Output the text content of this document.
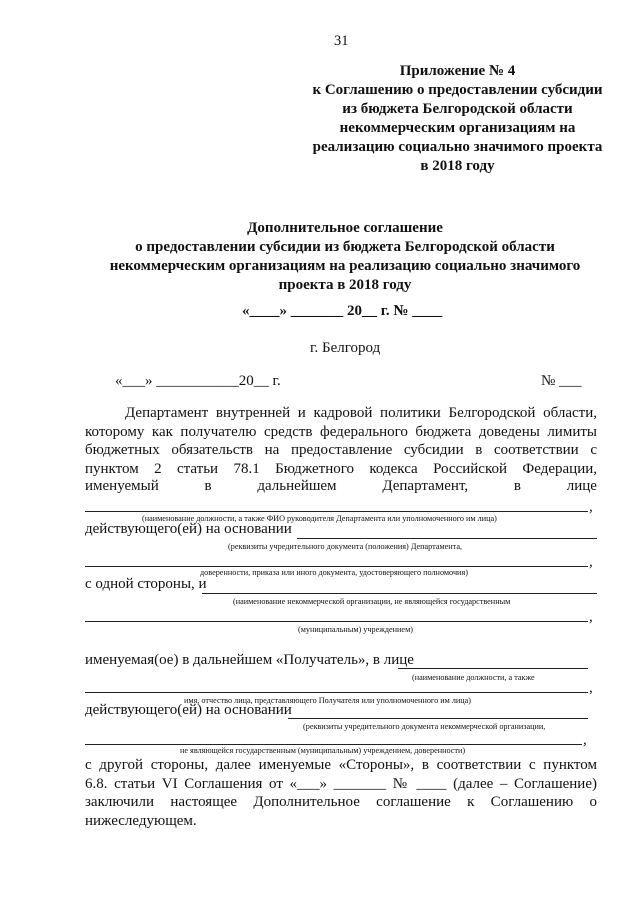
31
Приложение № 4
к Соглашению о предоставлении субсидии
из бюджета Белгородской области
некоммерческим организациям на
реализацию социально значимого проекта
в 2018 году
Дополнительное соглашение
о предоставлении субсидии из бюджета Белгородской области
некоммерческим организациям на реализацию социально значимого
проекта в 2018 году
«____» _______ 20__ г. № ____
г. Белгород
«___» ___________20__ г.	№ ___
Департамент внутренней и кадровой политики Белгородской области,
которому как получателю средств федерального бюджета доведены лимиты
бюджетных обязательств на предоставление субсидии в соответствии с
пунктом 2 статьи 78.1 Бюджетного кодекса Российской Федерации,
именуемый	в	дальнейшем	Департамент,	в	лице
,
(наименование должности, а также ФИО руководителя Департамента или уполномоченного им лица)
действующего(ей) на основании
(реквизиты учредительного документа (положения) Департамента,
,
доверенности, приказа или иного документа, удостоверяющего полномочия)
с одной стороны, и
(наименование некоммерческой организации, не являющейся государственным
,
(муниципальным) учреждением)
именуемая(ое) в дальнейшем «Получатель», в лице
(наименование должности, а также
,
имя, отчество лица, представляющего Получателя или уполномоченного им лица)
действующего(ей) на основании
(реквизиты учредительного документа некоммерческой организации,
,
не являющейся государственным (муниципальным) учреждением, доверенности)
с другой стороны, далее именуемые «Стороны», в соответствии с пунктом
6.8. статьи VI Соглашения от «___» _______ № ____ (далее – Соглашение)
заключили настоящее Дополнительное соглашение к Соглашению о
нижеследующем.
